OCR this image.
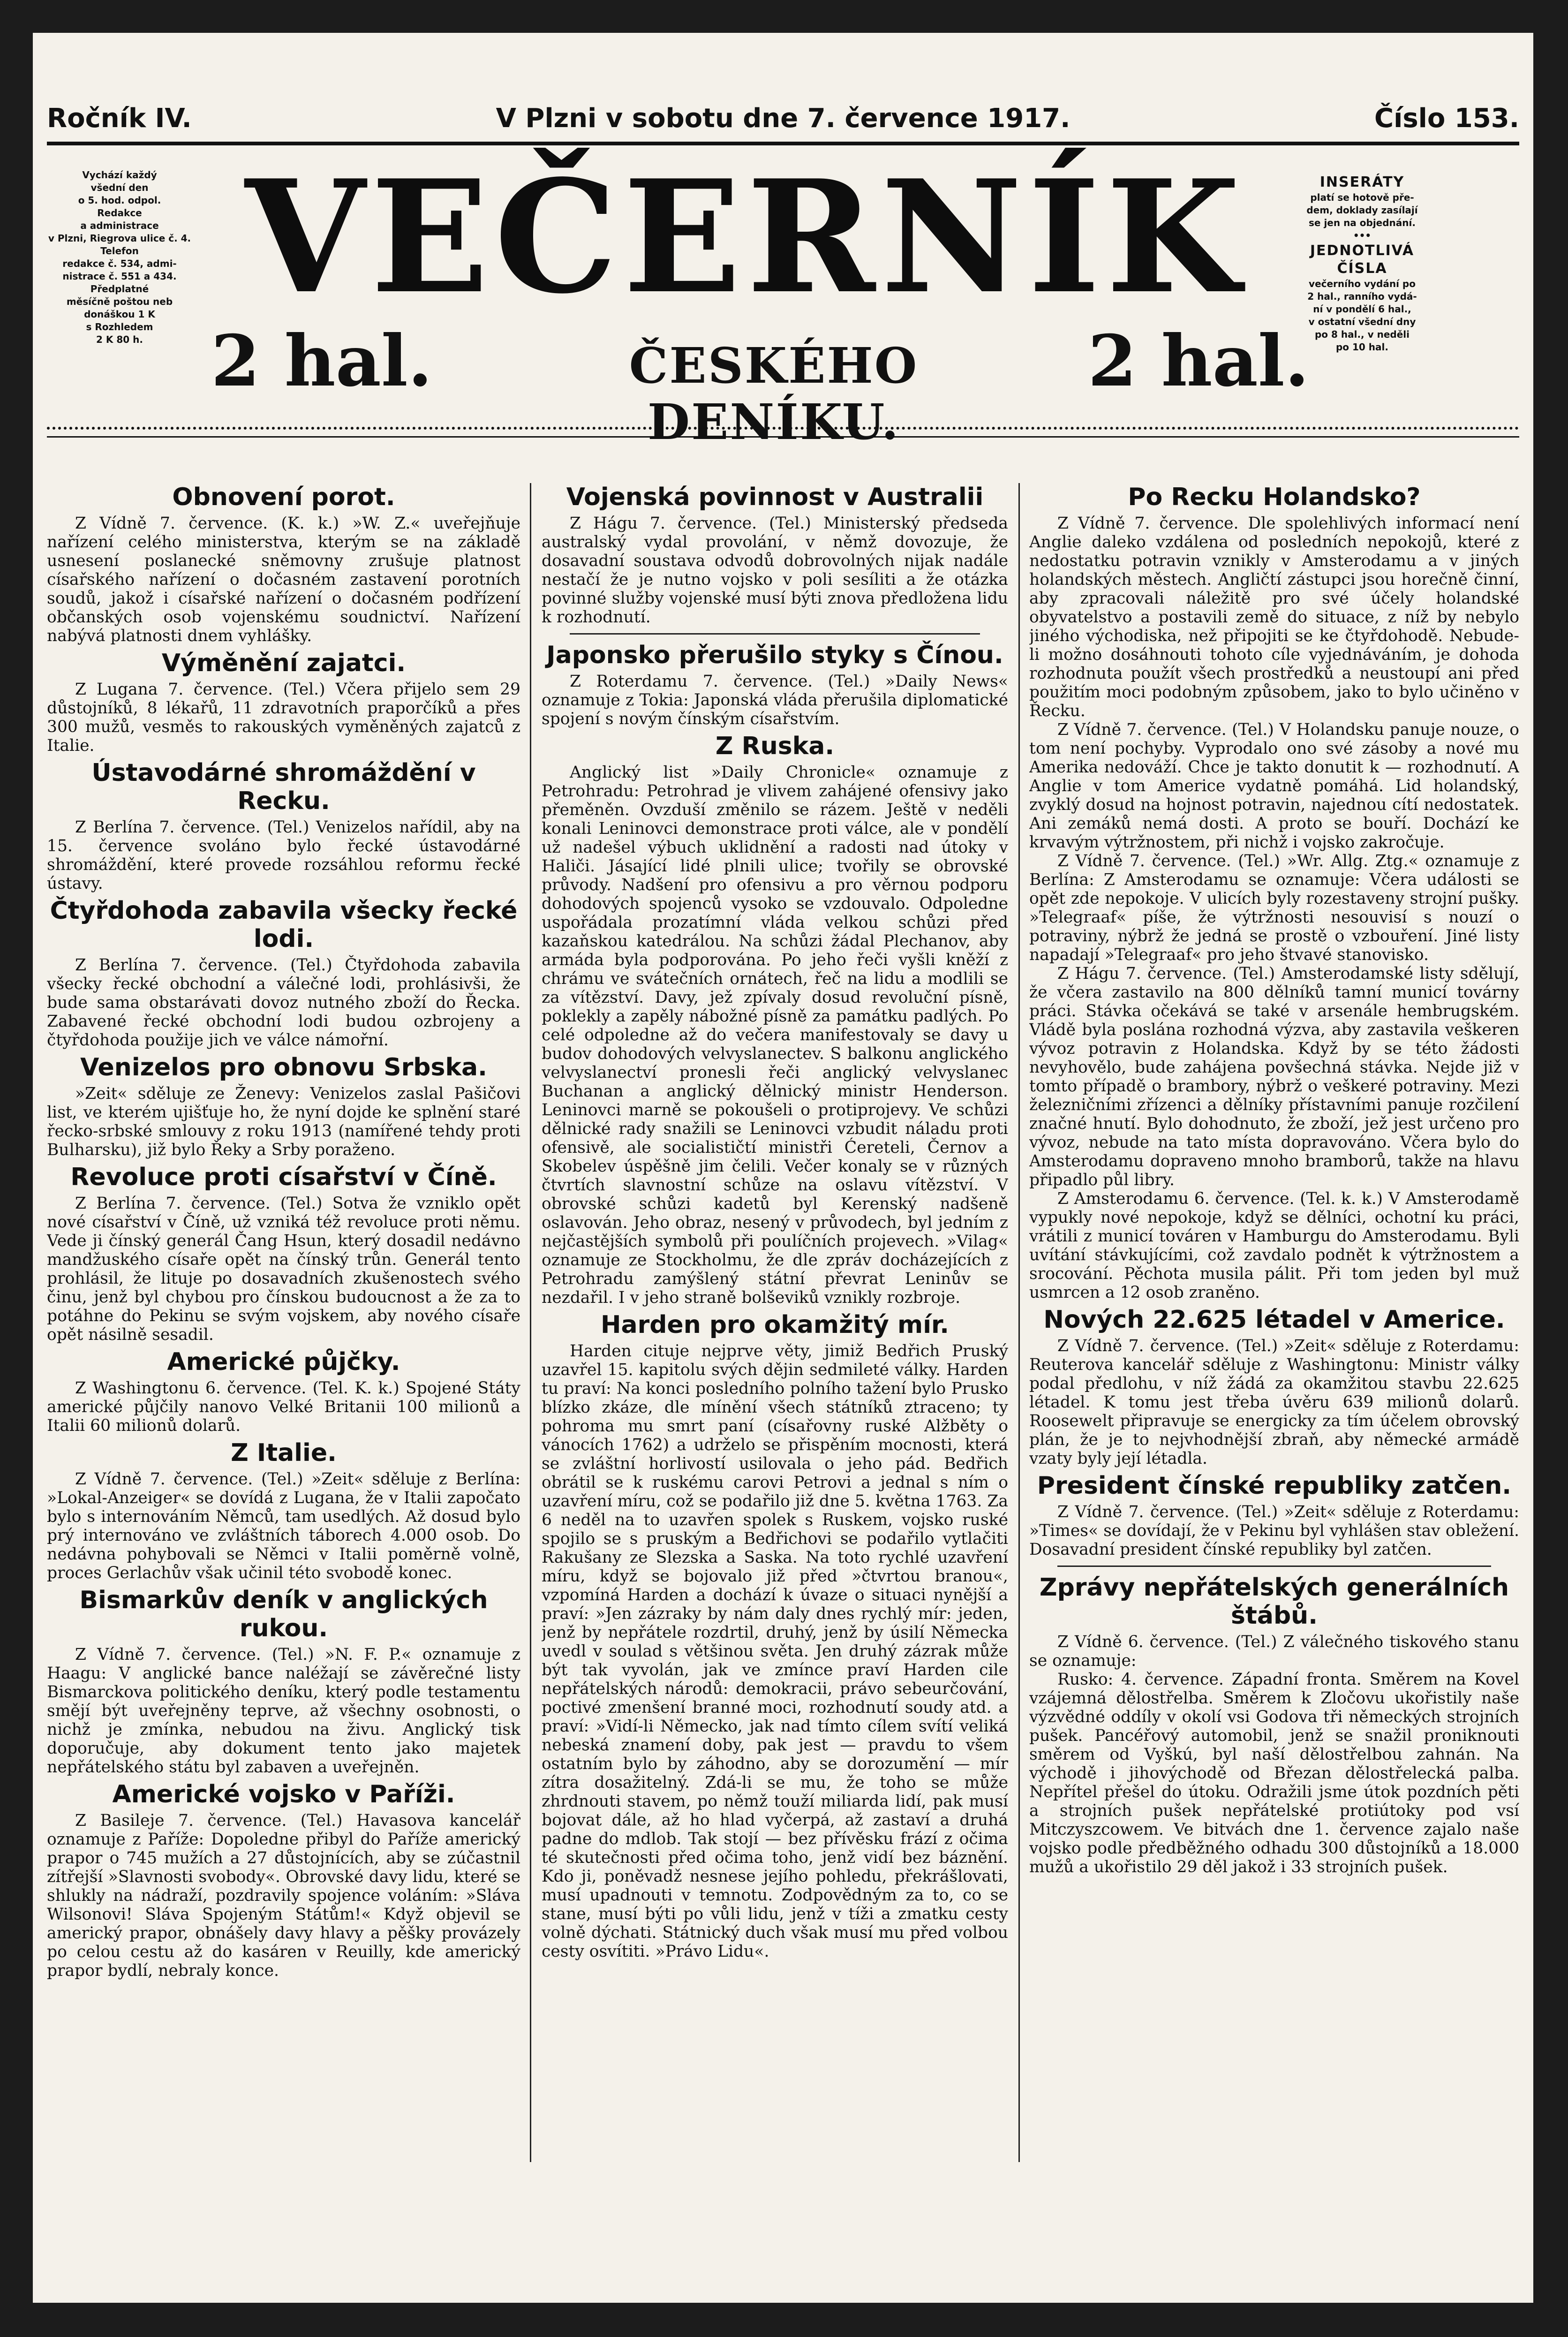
Ročník IV.	V Plzni v sobotu dne 7. července 1917.	Číslo 153.
Vychází každý
všední den
o 5. hod. odpol.
Redakce
a administrace
v Plzni, Riegrova ulice č. 4.
Telefon
redakce č. 534, admi-
nistrace č. 551 a 434.
Předplatné
měsíčně poštou neb
donáškou 1 K
s Rozhledem
2 K 80 h.
VEČERNÍK	INSERÁTY
platí se hotově pře-
dem, doklady zasílají
se jen na objednání.
•••
JEDNOTLIVÁ
ČÍSLA
večerního vydání po
2 hal., ranního vydá-
ní v pondělí 6 hal.,
v ostatní všední dny
po 8 hal., v neděli
po 10 hal.
2 hal.	ČESKÉHO DENÍKU.
2 hal.
Obnovení porot.

Z Vídně 7. července. (K. k.) »W. Z.« uveřejňuje nařízení celého ministerstva, kterým se na základě usnesení poslanecké sněmovny zrušuje platnost císařského nařízení o dočasném zastavení porotních soudů, jakož i císařské nařízení o dočasném podřízení občanských osob vojenskému soudnictví. Nařízení nabývá platnosti dnem vyhlášky.

Výměnění zajatci.

Z Lugana 7. července. (Tel.) Včera přijelo sem 29 důstojníků, 8 lékařů, 11 zdravotních praporčíků a přes 300 mužů, vesměs to rakouských vyměněných zajatců z Italie.

Ústavodárné shromáždění v Recku.

Z Berlína 7. července. (Tel.) Venizelos nařídil, aby na 15. července svoláno bylo řecké ústavodárné shromáždění, které provede rozsáhlou reformu řecké ústavy.

Čtyřdohoda zabavila všecky řecké lodi.

Z Berlína 7. července. (Tel.) Čtyřdohoda zabavila všecky řecké obchodní a válečné lodi, prohlásivši, že bude sama obstarávati dovoz nutného zboží do Řecka. Zabavené řecké obchodní lodi budou ozbrojeny a čtyřdohoda použije jich ve válce námořní.

Venizelos pro obnovu Srbska.

»Zeit« sděluje ze Ženevy: Venizelos zaslal Pašičovi list, ve kterém ujišťuje ho, že nyní dojde ke splnění staré řecko-srbské smlouvy z roku 1913 (namířené tehdy proti Bulharsku), již bylo Řeky a Srby poraženo.

Revoluce proti císařství v Číně.

Z Berlína 7. července. (Tel.) Sotva že vzniklo opět nové císařství v Číně, už vzniká též revoluce proti němu. Vede ji čínský generál Čang Hsun, který dosadil nedávno mandžuského císaře opět na čínský trůn. Generál tento prohlásil, že lituje po dosavadních zkušenostech svého činu, jenž byl chybou pro čínskou budoucnost a že za to potáhne do Pekinu se svým vojskem, aby nového císaře opět násilně sesadil.

Americké půjčky.

Z Washingtonu 6. července. (Tel. K. k.) Spojené Státy americké půjčily nanovo Velké Britanii 100 milionů a Italii 60 milionů dolarů.

Z Italie.

Z Vídně 7. července. (Tel.) »Zeit« sděluje z Berlína: »Lokal-Anzeiger« se dovídá z Lugana, že v Italii započato bylo s internováním Němců, tam usedlých. Až dosud bylo prý internováno ve zvláštních táborech 4.000 osob. Do nedávna pohybovali se Němci v Italii poměrně volně, proces Gerlachův však učinil této svobodě konec.

Bismarkův deník v anglických rukou.

Z Vídně 7. července. (Tel.) »N. F. P.« oznamuje z Haagu: V anglické bance naléžají se závěrečné listy Bismarckova politického deníku, který podle testamentu smějí být uveřejněny teprve, až všechny osobnosti, o nichž je zmínka, nebudou na živu. Anglický tisk doporučuje, aby dokument tento jako majetek nepřátelského státu byl zabaven a uveřejněn.

Americké vojsko v Paříži.

Z Basileje 7. července. (Tel.) Havasova kancelář oznamuje z Paříže: Dopoledne přibyl do Paříže americký prapor o 745 mužích a 27 důstojnících, aby se zúčastnil zítřejší »Slavnosti svobody«. Obrovské davy lidu, které se shlukly na nádraží, pozdravily spojence voláním: »Sláva Wilsonovi! Sláva Spojeným Státům!« Když objevil se americký prapor, obnášely davy hlavy a pěšky provázely po celou cestu až do kasáren v Reuilly, kde americký prapor bydlí, nebraly konce.

Vojenská povinnost v Australii

Z Hágu 7. července. (Tel.) Ministerský předseda australský vydal provolání, v němž dovozuje, že dosavadní soustava odvodů dobrovolných nijak nadále nestačí že je nutno vojsko v poli sesíliti a že otázka povinné služby vojenské musí býti znova předložena lidu k rozhodnutí.

Japonsko přerušilo styky s Čínou.

Z Roterdamu 7. července. (Tel.) »Daily News« oznamuje z Tokia: Japonská vláda přerušila diplomatické spojení s novým čínským císařstvím.

Z Ruska.

Anglický list »Daily Chronicle« oznamuje z Petrohradu: Petrohrad je vlivem zahájené ofensivy jako přeměněn. Ovzduší změnilo se rázem. Ještě v neděli konali Leninovci demonstrace proti válce, ale v pondělí už nadešel výbuch uklidnění a radosti nad útoky v Haliči. Jásající lidé plnili ulice; tvořily se obrovské průvody. Nadšení pro ofensivu a pro věrnou podporu dohodových spojenců vysoko se vzdouvalo. Odpoledne uspořádala prozatímní vláda velkou schůzi před kazaňskou katedrálou. Na schůzi žádal Plechanov, aby armáda byla podporována. Po jeho řeči vyšli kněží z chrámu ve svátečních ornátech, řeč na lidu a modlili se za vítězství. Davy, jež zpívaly dosud revoluční písně, poklekly a zapěly nábožné písně za památku padlých. Po celé odpoledne až do večera manifestovaly se davy u budov dohodových velvyslanectev. S balkonu anglického velvyslanectví pronesli řeči anglický velvyslanec Buchanan a anglický dělnický ministr Henderson. Leninovci marně se pokoušeli o protiprojevy. Ve schůzi dělnické rady snažili se Leninovci vzbudit náladu proti ofensivě, ale socialističtí ministři Ćereteli, Černov a Skobelev úspěšně jim čelili. Večer konaly se v různých čtvrtích slavnostní schůze na oslavu vítězství. V obrovské schůzi kadetů byl Kerenský nadšeně oslavován. Jeho obraz, nesený v průvodech, byl jedním z nejčastějších symbolů při poulíčních projevech. »Vilag« oznamuje ze Stockholmu, že dle zpráv docházejících z Petrohradu zamýšlený státní převrat Leninův se nezdařil. I v jeho straně bolševiků vznikly rozbroje.

Harden pro okamžitý mír.

Harden cituje nejprve věty, jimiž Bedřich Pruský uzavřel 15. kapitolu svých dějin sedmileté války. Harden tu praví: Na konci posledního polního tažení bylo Prusko blízko zkáze, dle mínění všech státníků ztraceno; ty pohroma mu smrt paní (císařovny ruské Alžběty o vánocích 1762) a udrželo se přispěním mocnosti, která se zvláštní horlivostí usilovala o jeho pád. Bedřich obrátil se k ruskému carovi Petrovi a jednal s ním o uzavření míru, což se podařilo již dne 5. května 1763. Za 6 neděl na to uzavřen spolek s Ruskem, vojsko ruské spojilo se s pruským a Bedřichovi se podařilo vytlačiti Rakušany ze Slezska a Saska. Na toto rychlé uzavření míru, když se bojovalo již před »čtvrtou branou«, vzpomíná Harden a dochází k úvaze o situaci nynější a praví: »Jen zázraky by nám daly dnes rychlý mír: jeden, jenž by nepřátele rozdrtil, druhý, jenž by úsilí Německa uvedl v soulad s většinou světa. Jen druhý zázrak může být tak vyvolán, jak ve zmínce praví Harden cile nepřátelských národů: demokracii, právo sebeurčování, poctivé zmenšení branné moci, rozhodnutí soudy atd. a praví: »Vidí-li Německo, jak nad tímto cílem svítí veliká nebeská znamení doby, pak jest — pravdu to všem ostatním bylo by záhodno, aby se dorozumění — mír zítra dosažitelný. Zdá-li se mu, že toho se může zhrdnouti stavem, po němž touží miliarda lidí, pak musí bojovat dále, až ho hlad vyčerpá, až zastaví a druhá padne do mdlob. Tak stojí — bez přívěsku frází z očima té skutečnosti před očima toho, jenž vidí bez báznění. Kdo ji, poněvadž nesnese jejího pohledu, překrášlovati, musí upadnouti v temnotu. Zodpovědným za to, co se stane, musí býti po vůli lidu, jenž v tíži a zmatku cesty volně dýchati. Státnický duch však musí mu před volbou cesty osvítiti. »Právo Lidu«.

Po Recku Holandsko?

Z Vídně 7. července. Dle spolehlivých informací není Anglie daleko vzdálena od posledních nepokojů, které z nedostatku potravin vznikly v Amsterodamu a v jiných holandských městech. Angličtí zástupci jsou horečně činní, aby zpracovali náležitě pro své účely holandské obyvatelstvo a postavili země do situace, z níž by nebylo jiného východiska, než připojiti se ke čtyřdohodě. Nebude-li možno dosáhnouti tohoto cíle vyjednáváním, je dohoda rozhodnuta použít všech prostředků a neustoupí ani před použitím moci podobným způsobem, jako to bylo učiněno v Řecku.

Z Vídně 7. července. (Tel.) V Holandsku panuje nouze, o tom není pochyby. Vyprodalo ono své zásoby a nové mu Amerika nedováží. Chce je takto donutit k — rozhodnutí. A Anglie v tom Americe vydatně pomáhá. Lid holandský, zvyklý dosud na hojnost potravin, najednou cítí nedostatek. Ani zemáků nemá dosti. A proto se bouří. Dochází ke krvavým výtržnostem, při nichž i vojsko zakročuje.

Z Vídně 7. července. (Tel.) »Wr. Allg. Ztg.« oznamuje z Berlína: Z Amsterodamu se oznamuje: Včera události se opět zde nepokoje. V ulicích byly rozestaveny strojní pušky. »Telegraaf« píše, že výtržnosti nesouvisí s nouzí o potraviny, nýbrž že jedná se prostě o vzbouření. Jiné listy napadají »Telegraaf« pro jeho štvavé stanovisko.

Z Hágu 7. července. (Tel.) Amsterodamské listy sdělují, že včera zastavilo na 800 dělníků tamní municí továrny práci. Stávka očekává se také v arsenále hembrugském. Vládě byla poslána rozhodná výzva, aby zastavila veškeren vývoz potravin z Holandska. Když by se této žádosti nevyhovělo, bude zahájena povšechná stávka. Nejde již v tomto případě o brambory, nýbrž o veškeré potraviny. Mezi železničními zřízenci a dělníky přístavními panuje rozčilení značné hnutí. Bylo dohodnuto, že zboží, jež jest určeno pro vývoz, nebude na tato místa dopravováno. Včera bylo do Amsterodamu dopraveno mnoho bramborů, takže na hlavu připadlo půl libry.

Z Amsterodamu 6. července. (Tel. k. k.) V Amsterodamě vypukly nové nepokoje, když se dělníci, ochotní ku práci, vrátili z municí továren v Hamburgu do Amsterodamu. Byli uvítání stávkujícími, což zavdalo podnět k výtržnostem a srocování. Pěchota musila pálit. Při tom jeden byl muž usmrcen a 12 osob zraněno.

Nových 22.625 létadel v Americe.

Z Vídně 7. července. (Tel.) »Zeit« sděluje z Roterdamu: Reuterova kancelář sděluje z Washingtonu: Ministr války podal předlohu, v níž žádá za okamžitou stavbu 22.625 létadel. K tomu jest třeba úvěru 639 milionů dolarů. Roosewelt připravuje se energicky za tím účelem obrovský plán, že je to nejvhodnější zbraň, aby německé armádě vzaty byly její létadla.

President čínské republiky zatčen.

Z Vídně 7. července. (Tel.) »Zeit« sděluje z Roterdamu: »Times« se dovídají, že v Pekinu byl vyhlášen stav obležení. Dosavadní president čínské republiky byl zatčen.

Zprávy nepřátelských generálních štábů.

Z Vídně 6. července. (Tel.) Z válečného tiskového stanu se oznamuje:

Rusko: 4. července. Západní fronta. Směrem na Kovel vzájemná dělostřelba. Směrem k Zločovu ukořistily naše výzvědné oddíly v okolí vsi Godova tři německých strojních pušek. Pancéřový automobil, jenž se snažil proniknouti směrem od Vyškú, byl naší dělostřelbou zahnán. Na východě i jihovýchodě od Březan dělostřelecká palba. Nepřítel přešel do útoku. Odražili jsme útok pozdních pěti a strojních pušek nepřátelské protiútoky pod vsí Mitczyszcowem. Ve bitvách dne 1. července zajalo naše vojsko podle předběžného odhadu 300 důstojníků a 18.000 mužů a ukořistilo 29 děl jakož i 33 strojních pušek.
